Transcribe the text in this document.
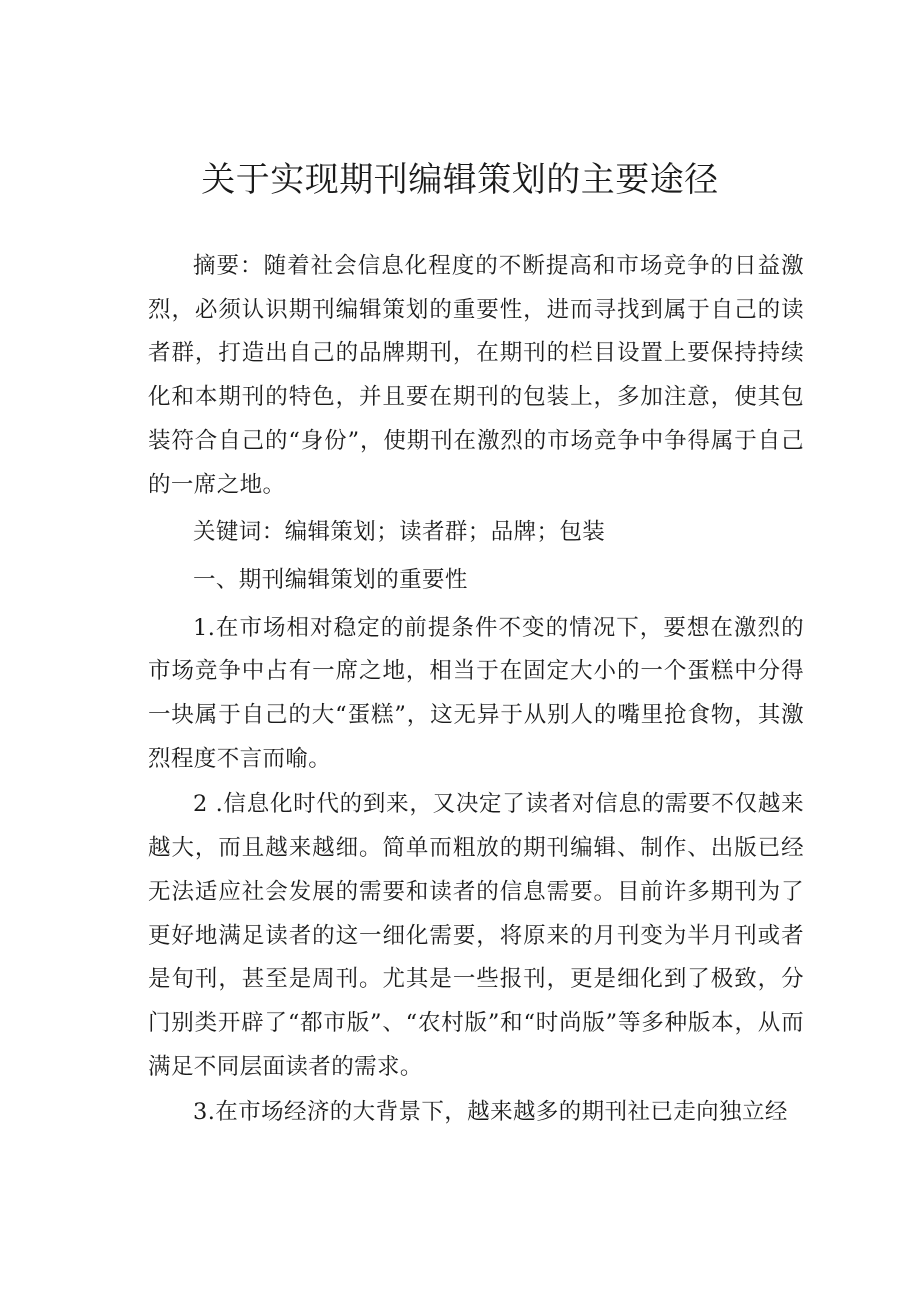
关于实现期刊编辑策划的主要途径

摘要：随着社会信息化程度的不断提高和市场竞争的日益激烈，必须认识期刊编辑策划的重要性，进而寻找到属于自己的读者群，打造出自己的品牌期刊，在期刊的栏目设置上要保持持续化和本期刊的特色，并且要在期刊的包装上，多加注意，使其包装符合自己的“身份”，使期刊在激烈的市场竞争中争得属于自己的一席之地。

关键词：编辑策划；读者群；品牌；包装

一、期刊编辑策划的重要性

1.在市场相对稳定的前提条件不变的情况下，要想在激烈的市场竞争中占有一席之地，相当于在固定大小的一个蛋糕中分得一块属于自己的大“蛋糕”，这无异于从别人的嘴里抢食物，其激烈程度不言而喻。

2 .信息化时代的到来，又决定了读者对信息的需要不仅越来越大，而且越来越细。简单而粗放的期刊编辑、制作、出版已经无法适应社会发展的需要和读者的信息需要。目前许多期刊为了更好地满足读者的这一细化需要，将原来的月刊变为半月刊或者是旬刊，甚至是周刊。尤其是一些报刊，更是细化到了极致，分门别类开辟了“都市版”、“农村版”和“时尚版”等多种版本，从而满足不同层面读者的需求。

3.在市场经济的大背景下，越来越多的期刊社已走向独立经
